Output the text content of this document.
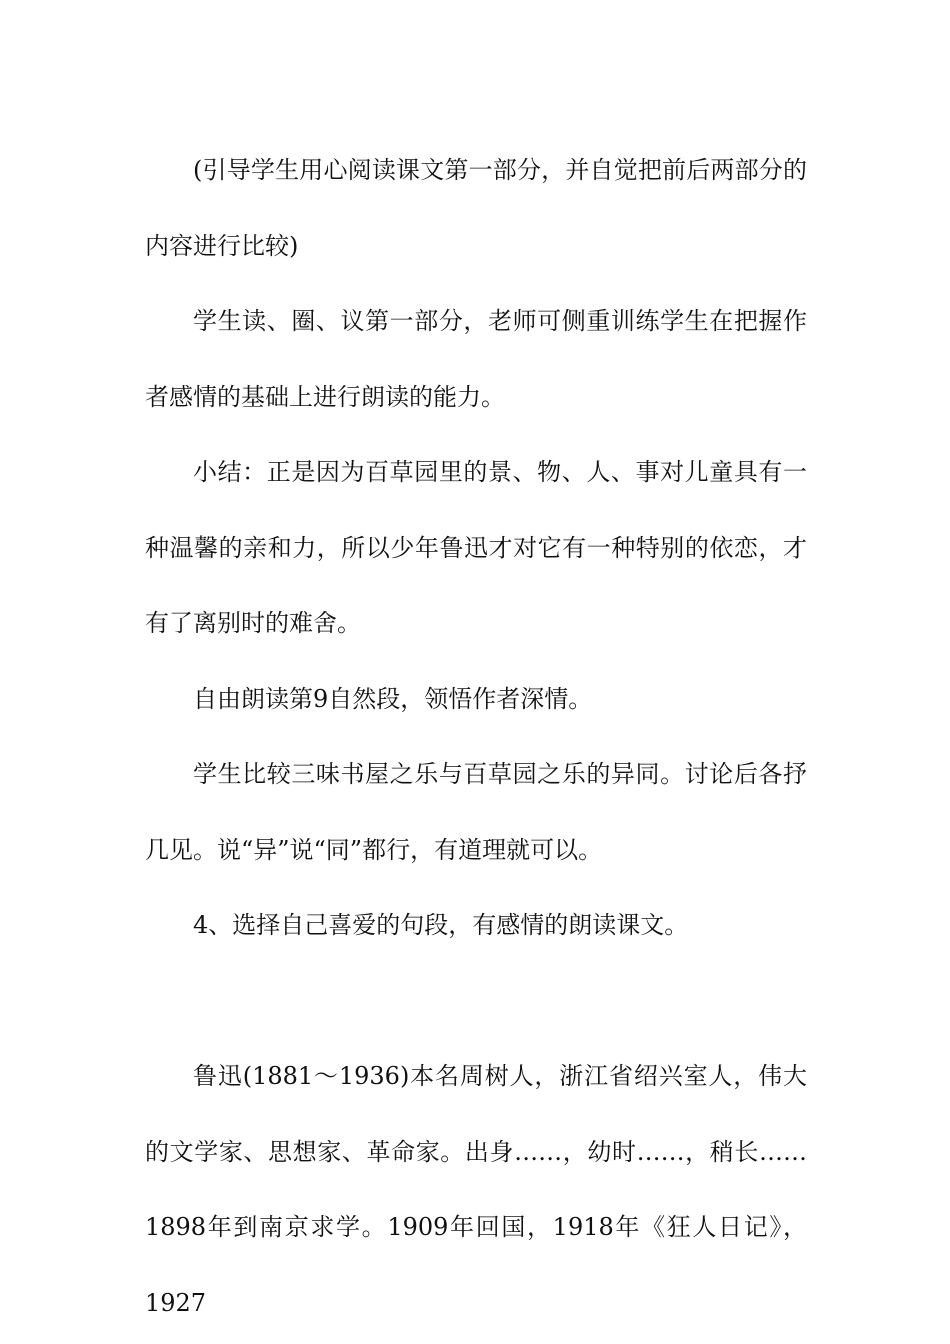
(引导学生用心阅读课文第一部分，并自觉把前后两部分的内容进行比较)

学生读、圈、议第一部分，老师可侧重训练学生在把握作者感情的基础上进行朗读的能力。

小结：正是因为百草园里的景、物、人、事对儿童具有一种温馨的亲和力，所以少年鲁迅才对它有一种特别的依恋，才有了离别时的难舍。

自由朗读第9自然段，领悟作者深情。

学生比较三味书屋之乐与百草园之乐的异同。讨论后各抒几见。说“异”说“同”都行，有道理就可以。

4、选择自己喜爱的句段，有感情的朗读课文。

鲁迅(1881～1936)本名周树人，浙江省绍兴室人，伟大的文学家、思想家、革命家。出身……，幼时……，稍长……1898年到南京求学。1909年回国，1918年《狂人日记》，1927
